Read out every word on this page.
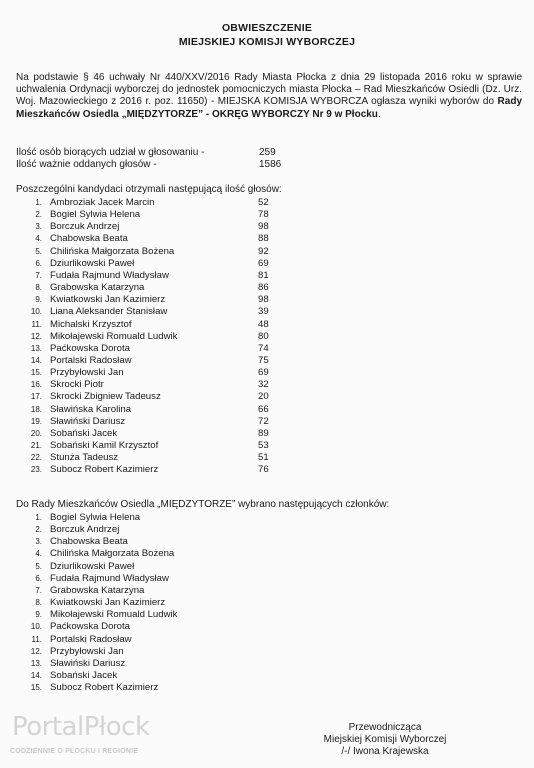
OBWIESZCZENIE
MIEJSKIEJ KOMISJI WYBORCZEJ
Na podstawie § 46 uchwały Nr 440/XXV/2016 Rady Miasta Płocka z dnia 29 listopada 2016 roku w sprawie uchwalenia Ordynacji wyborczej do jednostek pomocniczych miasta Płocka – Rad Mieszkańców Osiedli (Dz. Urz. Woj. Mazowieckiego z 2016 r. poz. 11650) - MIEJSKA KOMISJA WYBORCZA ogłasza wyniki wyborów do Rady Mieszkańców Osiedla „MIĘDZYTORZE” - OKRĘG WYBORCZY Nr 9 w Płocku.
Ilość osób biorących udział w głosowaniu -	259
Ilość ważnie oddanych głosów -	1586
Poszczególni kandydaci otrzymali następującą ilość głosów:
1. Ambroziak Jacek Marcin	52
2. Bogiel Sylwia Helena	78
3. Borczuk Andrzej	98
4. Chabowska Beata	88
5. Chilińska Małgorzata Bożena	92
6. Dziurlikowski Paweł	69
7. Fudała Rajmund Władysław	81
8. Grabowska Katarzyna	86
9. Kwiatkowski Jan Kazimierz	98
10. Liana Aleksander Stanisław	39
11. Michalski Krzysztof	48
12. Mikołajewski Romuald Ludwik	80
13. Paćkowska Dorota	74
14. Portalski Radosław	75
15. Przybyłowski Jan	69
16. Skrocki Piotr	32
17. Skrocki Zbigniew Tadeusz	20
18. Sławińska Karolina	66
19. Sławiński Dariusz	72
20. Sobański Jacek	89
21. Sobański Kamil Krzysztof	53
22. Stunża Tadeusz	51
23. Subocz Robert Kazimierz	76
Do Rady Mieszkańców Osiedla „MIĘDZYTORZE” wybrano następujących członków:
1. Bogiel Sylwia Helena
2. Borczuk Andrzej
3. Chabowska Beata
4. Chilińska Małgorzata Bożena
5. Dziurlikowski Paweł
6. Fudała Rajmund Władysław
7. Grabowska Katarzyna
8. Kwiatkowski Jan Kazimierz
9. Mikołajewski Romuald Ludwik
10. Paćkowska Dorota
11. Portalski Radosław
12. Przybyłowski Jan
13. Sławiński Dariusz
14. Sobański Jacek
15. Subocz Robert Kazimierz
Przewodnicząca
Miejskiej Komisji Wyborczej
/-/ Iwona Krajewska
PortalPłock
CODZIENNIE O PŁOCKU I REGIONIE
